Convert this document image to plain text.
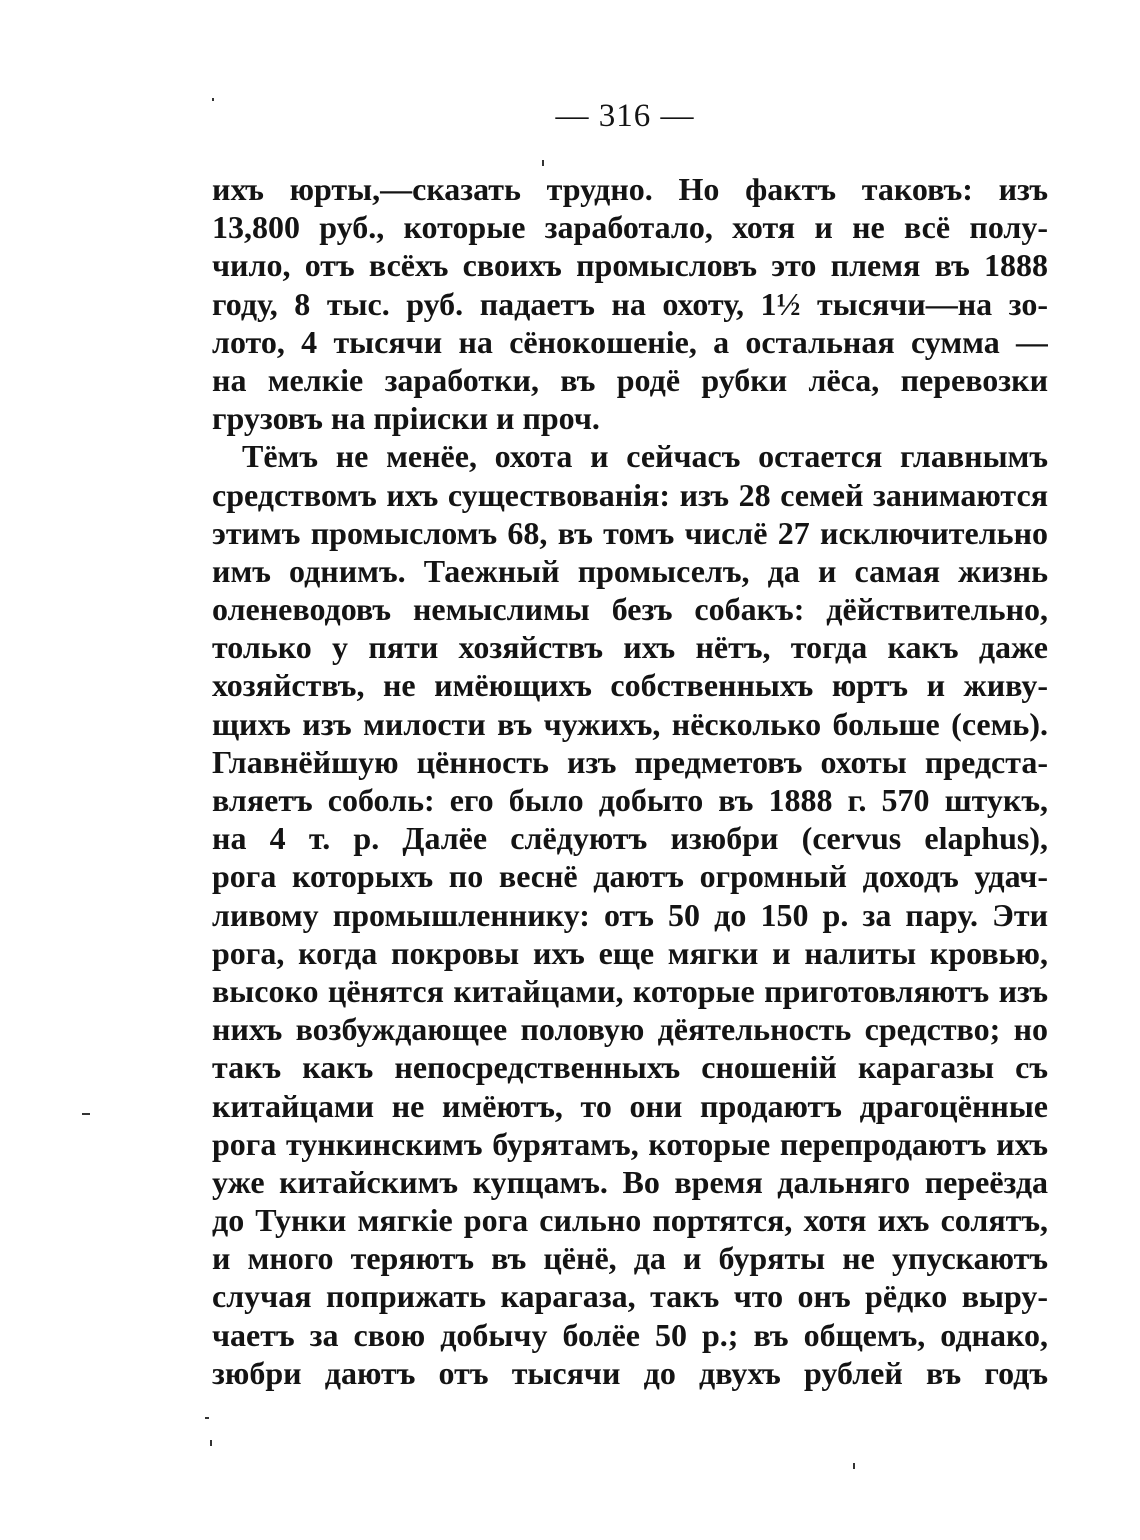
— 316 —
ихъ юрты,—сказать трудно. Но фактъ таковъ: изъ
13,800 руб., которые заработало, хотя и не всё полу-
чило, отъ всёхъ своихъ промысловъ это племя въ 1888
году, 8 тыс. руб. падаетъ на охоту, 1½ тысячи—на зо-
лото, 4 тысячи на сёнокошеніе, а остальная сумма —
на мелкіе заработки, въ родё рубки лёса, перевозки
грузовъ на пріиски и проч.
Тёмъ не менёе, охота и сейчасъ остается главнымъ
средствомъ ихъ существованія: изъ 28 семей занимаются
этимъ промысломъ 68, въ томъ числё 27 исключительно
имъ однимъ. Таежный промыселъ, да и самая жизнь
оленеводовъ немыслимы безъ собакъ: дёйствительно,
только у пяти хозяйствъ ихъ нётъ, тогда какъ даже
хозяйствъ, не имёющихъ собственныхъ юртъ и живу-
щихъ изъ милости въ чужихъ, нёсколько больше (семь).
Главнёйшую цённость изъ предметовъ охоты предста-
вляетъ соболь: его было добыто въ 1888 г. 570 штукъ,
на 4 т. р. Далёе слёдуютъ изюбри (cervus elaphus),
рога которыхъ по веснё даютъ огромный доходъ удач-
ливому промышленнику: отъ 50 до 150 р. за пару. Эти
рога, когда покровы ихъ еще мягки и налиты кровью,
высоко цёнятся китайцами, которые приготовляютъ изъ
нихъ возбуждающее половую дёятельность средство; но
такъ какъ непосредственныхъ сношеній карагазы съ
китайцами не имёютъ, то они продаютъ драгоцённые
рога тункинскимъ бурятамъ, которые перепродаютъ ихъ
уже китайскимъ купцамъ. Во время дальняго переёзда
до Тунки мягкіе рога сильно портятся, хотя ихъ солятъ,
и много теряютъ въ цёнё, да и буряты не упускаютъ
случая поприжать карагаза, такъ что онъ рёдко выру-
чаетъ за свою добычу болёе 50 р.; въ общемъ, однако,
зюбри даютъ отъ тысячи до двухъ рублей въ годъ
